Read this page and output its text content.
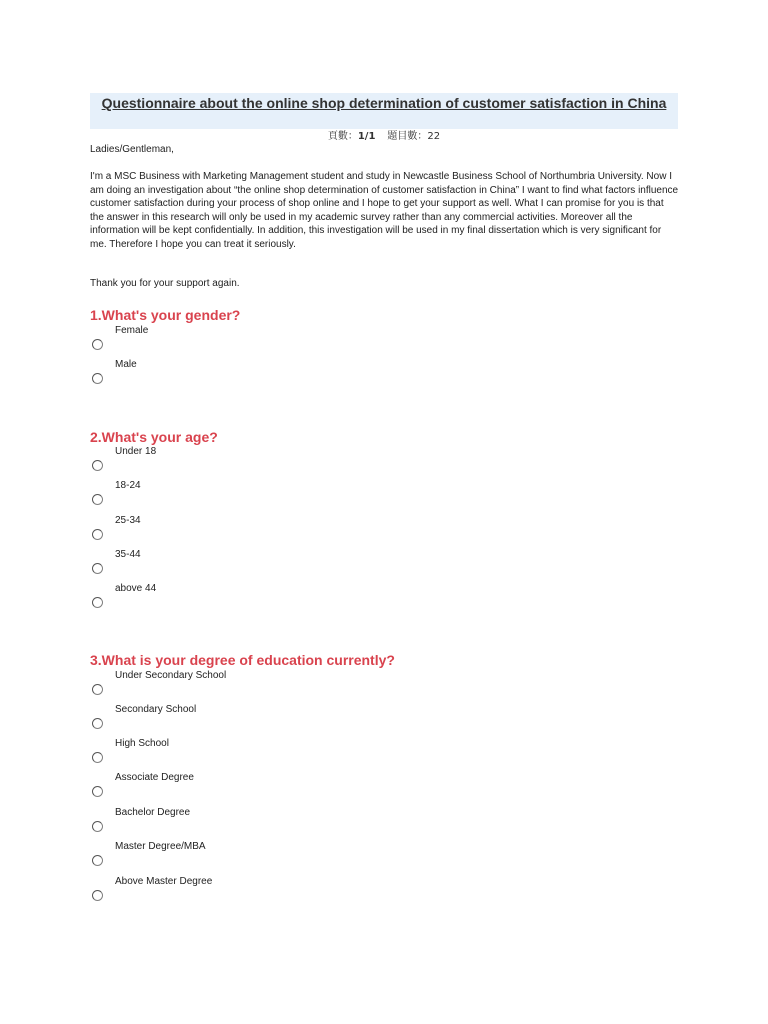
Questionnaire about the online shop determination of customer satisfaction in China

頁數：1/1 題目數：22
Ladies/Gentleman,
I'm a MSC Business with Marketing Management student and study in Newcastle Business School of Northumbria University. Now I am doing an investigation about “the online shop determination of customer satisfaction in China” I want to find what factors influence customer satisfaction during your process of shop online and I hope to get your support as well. What I can promise for you is that the answer in this research will only be used in my academic survey rather than any commercial activities. Moreover all the information will be kept confidentially. In addition, this investigation will be used in my final dissertation which is very significant for me. Therefore I hope you can treat it seriously.
Thank you for your support again.
1.What's your gender?
Female
Male
2.What's your age?
Under 18
18-24
25-34
35-44
above 44
3.What is your degree of education currently?
Under Secondary School
Secondary School
High School
Associate Degree
Bachelor Degree
Master Degree/MBA
Above Master Degree
